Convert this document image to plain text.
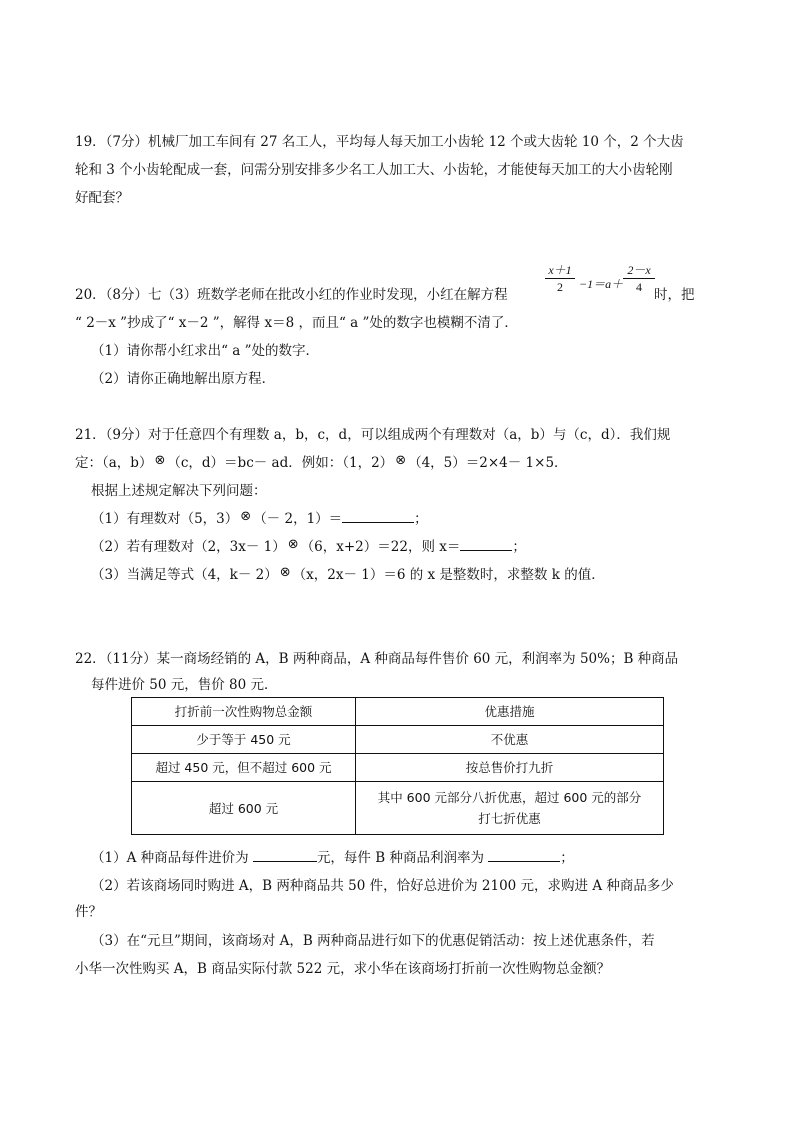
19．（7分）机械厂加工车间有 27 名工人，平均每人每天加工小齿轮 12 个或大齿轮 10 个，2 个大齿
轮和 3 个小齿轮配成一套，问需分别安排多少名工人加工大、小齿轮，才能使每天加工的大小齿轮刚
好配套？
20．（8分）七（3）班数学老师在批改小红的作业时发现，小红在解方程	$\frac{x+1}{2} -1=a+ \frac{2-x}{4}$ 时，把
“ 2－x ”抄成了“ x－2 ”，解得 x＝8 ，而且“ a ”处的数字也模糊不清了．
（1）请你帮小红求出“ a ”处的数字．
（2）请你正确地解出原方程．
21．（9分）对于任意四个有理数 a，b，c，d，可以组成两个有理数对（a，b）与（c，d）．我们规
定：（a，b） ⊗ （c，d）＝bc－ ad．例如：（1，2） ⊗ （4，5）＝2×4－ 1×5．
根据上述规定解决下列问题：
（1）有理数对（5，3） ⊗ （－ 2，1）＝	；
（2）若有理数对（2，3x－ 1） ⊗ （6，x+2）＝22，则 x＝	；
（3）当满足等式（4，k－ 2） ⊗ （x，2x－ 1）＝6 的 x 是整数时，求整数 k 的值．
22．（11分）某一商场经销的 A，B 两种商品，A 种商品每件售价 60 元，利润率为 50%；B 种商品
每件进价 50 元，售价 80 元．
打折前一次性购物总金额	优惠措施
少于等于 450 元	不优惠
超过 450 元，但不超过 600 元	按总售价打九折
超过 600 元	其中 600 元部分八折优惠，超过 600 元的部分
打七折优惠
（1）A 种商品每件进价为	元，每件 B 种商品利润率为	；
（2）若该商场同时购进 A，B 两种商品共 50 件，恰好总进价为 2100 元，求购进 A 种商品多少
件？
（3）在“元旦”期间，该商场对 A，B 两种商品进行如下的优惠促销活动：按上述优惠条件，若
小华一次性购买 A，B 商品实际付款 522 元，求小华在该商场打折前一次性购物总金额？
